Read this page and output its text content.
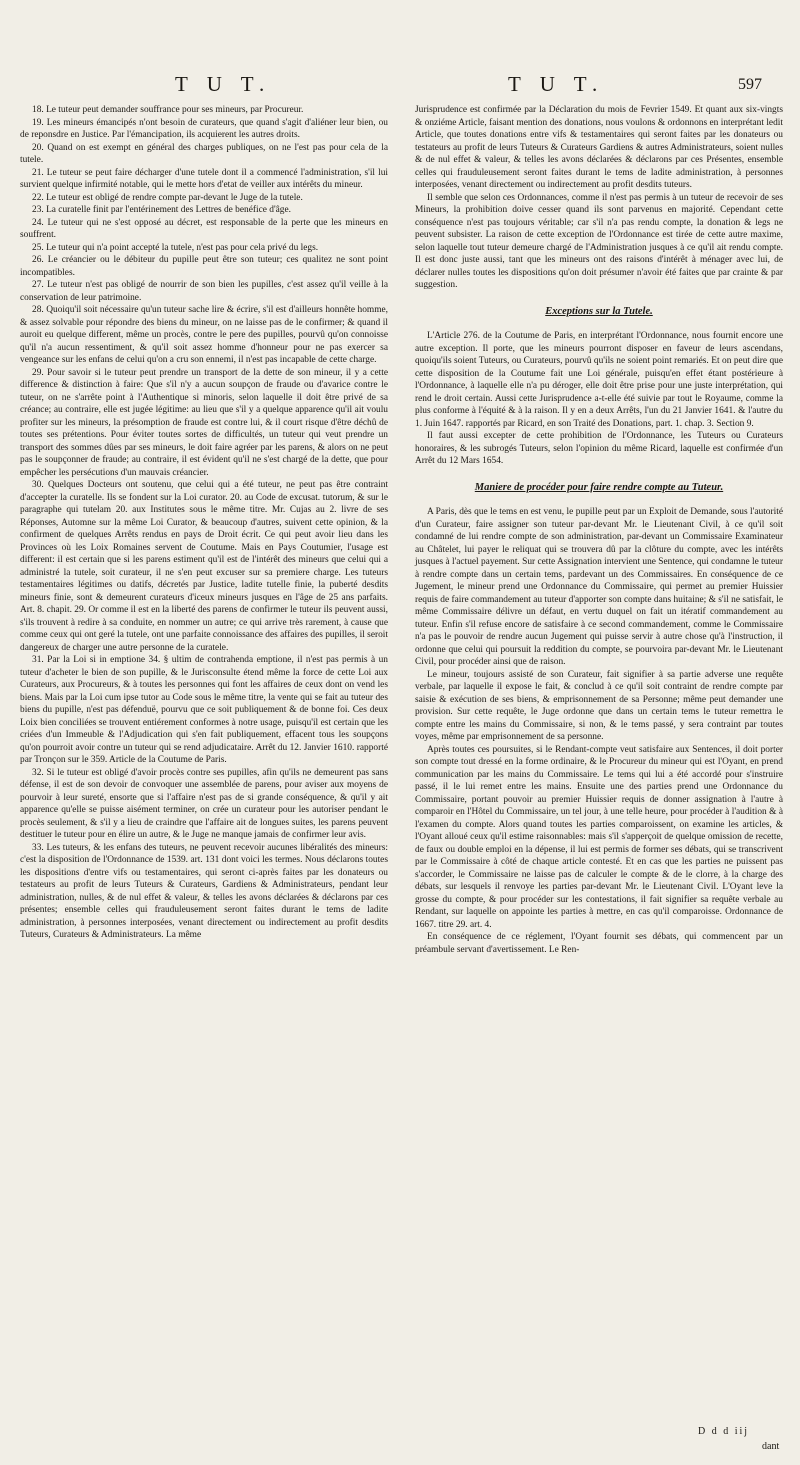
T U T.	T U T.	597

18. Le tuteur peut demander souffrance pour ses mineurs, par Procureur.

19. Les mineurs émancipés n'ont besoin de curateurs, que quand s'agit d'aliéner leur bien, ou de reponsdre en Justice. Par l'émancipation, ils acquierent les autres droits.

20. Quand on est exempt en général des charges publiques, on ne l'est pas pour cela de la tutele.

21. Le tuteur se peut faire décharger d'une tutele dont il a commencé l'administration, s'il lui survient quelque infirmité notable, qui le mette hors d'etat de veiller aux intérêts du mineur.

22. Le tuteur est obligé de rendre compte par-devant le Juge de la tutele.

23. La curatelle finit par l'entérinement des Lettres de benéfice d'âge.

24. Le tuteur qui ne s'est opposé au décret, est responsable de la perte que les mineurs en souffrent.

25. Le tuteur qui n'a point accepté la tutele, n'est pas pour cela privé du legs.

26. Le créancier ou le débiteur du pupille peut être son tuteur; ces qualitez ne sont point incompatibles.

27. Le tuteur n'est pas obligé de nourrir de son bien les pupilles, c'est assez qu'il veille à la conservation de leur patrimoine.

28. Quoiqu'il soit nécessaire qu'un tuteur sache lire & écrire, s'il est d'ailleurs honnête homme, & assez solvable pour répondre des biens du mineur, on ne laisse pas de le confirmer; & quand il auroit eu quelque different, même un procès, contre le pere des pupilles, pourvû qu'on connoisse qu'il n'a aucun ressentiment, & qu'il soit assez homme d'honneur pour ne pas exercer sa vengeance sur les enfans de celui qu'on a cru son ennemi, il n'est pas incapable de cette charge.

29. Pour savoir si le tuteur peut prendre un transport de la dette de son mineur, il y a cette difference & distinction à faire: Que s'il n'y a aucun soupçon de fraude ou d'avarice contre le tuteur, on ne s'arrête point à l'Authentique si minoris, selon laquelle il doit être privé de sa créance; au contraire, elle est jugée légitime: au lieu que s'il y a quelque apparence qu'il ait voulu profiter sur les mineurs, la présomption de fraude est contre lui, & il court risque d'être déchû de toutes ses prétentions. Pour éviter toutes sortes de difficultés, un tuteur qui veut prendre un transport des sommes dûes par ses mineurs, le doit faire agréer par les parens, & alors on ne peut pas le soupçonner de fraude; au contraire, il est évident qu'il ne s'est chargé de la dette, que pour empêcher les persécutions d'un mauvais créancier.

30. Quelques Docteurs ont soutenu, que celui qui a été tuteur, ne peut pas être contraint d'accepter la curatelle. Ils se fondent sur la Loi curator. 20. au Code de excusat. tutorum, & sur le paragraphe qui tutelam 20. aux Institutes sous le même titre. Mr. Cujas au 2. livre de ses Réponses, Automne sur la même Loi Curator, & beaucoup d'autres, suivent cette opinion, & la confirment de quelques Arrêts rendus en pays de Droit écrit. Ce qui peut avoir lieu dans les Provinces où les Loix Romaines servent de Coutume. Mais en Pays Coutumier, l'usage est different: il est certain que si les parens estiment qu'il est de l'intérêt des mineurs que celui qui a administré la tutele, soit curateur, il ne s'en peut excuser sur sa premiere charge. Les tuteurs testamentaires légitimes ou datifs, décretés par Justice, ladite tutelle finie, la puberté desdits mineurs finie, sont & demeurent curateurs d'iceux mineurs jusques en l'âge de 25 ans parfaits. Art. 8. chapit. 29. Or comme il est en la liberté des parens de confirmer le tuteur ils peuvent aussi, s'ils trouvent à redire à sa conduite, en nommer un autre; ce qui arrive très rarement, à cause que comme ceux qui ont geré la tutele, ont une parfaite connoissance des affaires des pupilles, il seroit dangereux de charger une autre personne de la curatele.

31. Par la Loi si in emptione 34. § ultim de contrahenda emptione, il n'est pas permis à un tuteur d'acheter le bien de son pupille, & le Jurisconsulte étend même la force de cette Loi aux Curateurs, aux Procureurs, & à toutes les personnes qui font les affaires de ceux dont on vend les biens. Mais par la Loi cum ipse tutor au Code sous le même titre, la vente qui se fait au tuteur des biens du pupille, n'est pas défenduë, pourvu que ce soit publiquement & de bonne foi. Ces deux Loix bien conciliées se trouvent entiérement conformes à notre usage, puisqu'il est certain que les criées d'un Immeuble & l'Adjudication qui s'en fait publiquement, effacent tous les soupçons qu'on pourroit avoir contre un tuteur qui se rend adjudicataire. Arrêt du 12. Janvier 1610. rapporté par Tronçon sur le 359. Article de la Coutume de Paris.

32. Si le tuteur est obligé d'avoir procès contre ses pupilles, afin qu'ils ne demeurent pas sans défense, il est de son devoir de convoquer une assemblée de parens, pour aviser aux moyens de pourvoir à leur sureté, ensorte que si l'affaire n'est pas de si grande conséquence, & qu'il y ait apparence qu'elle se puisse aisément terminer, on crée un curateur pour les autoriser pendant le procès seulement, & s'il y a lieu de craindre que l'affaire ait de longues suites, les parens peuvent destituer le tuteur pour en élire un autre, & le Juge ne manque jamais de confirmer leur avis.

33. Les tuteurs, & les enfans des tuteurs, ne peuvent recevoir aucunes libéralités des mineurs: c'est la disposition de l'Ordonnance de 1539. art. 131 dont voici les termes. Nous déclarons toutes les dispositions d'entre vifs ou testamentaires, qui seront ci-après faites par les donateurs ou testateurs au profit de leurs Tuteurs & Curateurs, Gardiens & Administrateurs, pendant leur administration, nulles, & de nul effet & valeur, & telles les avons déclarées & déclarons par ces présentes; ensemble celles qui frauduleusement seront faites durant le tems de ladite administration, à personnes interposées, venant directement ou indirectement au profit desdits Tuteurs, Curateurs & Administrateurs. La même

Jurisprudence est confirmée par la Déclaration du mois de Fevrier 1549. Et quant aux six-vingts & onziéme Article, faisant mention des donations, nous voulons & ordonnons en interprétant ledit Article, que toutes donations entre vifs & testamentaires qui seront faites par les donateurs ou testateurs au profit de leurs Tuteurs & Curateurs Gardiens & autres Administrateurs, soient nulles & de nul effet & valeur, & telles les avons déclarées & déclarons par ces Présentes, ensemble celles qui frauduleusement seront faites durant le tems de ladite administration, à personnes interposées, venant directement ou indirectement au profit desdits tuteurs.

Il semble que selon ces Ordonnances, comme il n'est pas permis à un tuteur de recevoir de ses Mineurs, la prohibition doive cesser quand ils sont parvenus en majorité. Cependant cette conséquence n'est pas toujours véritable; car s'il n'a pas rendu compte, la donation & legs ne peuvent subsister. La raison de cette exception de l'Ordonnance est tirée de cette autre maxime, selon laquelle tout tuteur demeure chargé de l'Administration jusques à ce qu'il ait rendu compte. Il est donc juste aussi, tant que les mineurs ont des raisons d'intérêt à ménager avec lui, de déclarer nulles toutes les dispositions qu'on doit présumer n'avoir été faites que par crainte & par suggestion.

Exceptions sur la Tutele.

L'Article 276. de la Coutume de Paris, en interprétant l'Ordonnance, nous fournit encore une autre exception. Il porte, que les mineurs pourront disposer en faveur de leurs ascendans, quoiqu'ils soient Tuteurs, ou Curateurs, pourvû qu'ils ne soient point remariés. Et on peut dire que cette disposition de la Coutume fait une Loi générale, puisqu'en effet étant postérieure à l'Ordonnance, à laquelle elle n'a pu déroger, elle doit être prise pour une juste interprétation, qui rend le droit certain. Aussi cette Jurisprudence a-t-elle été suivie par tout le Royaume, comme la plus conforme à l'équité & à la raison. Il y en a deux Arrêts, l'un du 21 Janvier 1641. & l'autre du 1. Juin 1647. rapportés par Ricard, en son Traité des Donations, part. 1. chap. 3. Section 9.

Il faut aussi excepter de cette prohibition de l'Ordonnance, les Tuteurs ou Curateurs honoraires, & les subrogés Tuteurs, selon l'opinion du même Ricard, laquelle est confirmée d'un Arrêt du 12 Mars 1654.

Maniere de procéder pour faire rendre compte au Tuteur.

A Paris, dès que le tems en est venu, le pupille peut par un Exploit de Demande, sous l'autorité d'un Curateur, faire assigner son tuteur par-devant Mr. le Lieutenant Civil, à ce qu'il soit condamné de lui rendre compte de son administration, par-devant un Commissaire Examinateur au Châtelet, lui payer le reliquat qui se trouvera dû par la clôture du compte, avec les intérêts jusques à l'actuel payement. Sur cette Assignation intervient une Sentence, qui condamne le tuteur à rendre compte dans un certain tems, pardevant un des Commissaires. En conséquence de ce Jugement, le mineur prend une Ordonnance du Commissaire, qui permet au premier Huissier requis de faire commandement au tuteur d'apporter son compte dans huitaine; & s'il ne satisfait, le même Commissaire délivre un défaut, en vertu duquel on fait un itératif commandement au tuteur. Enfin s'il refuse encore de satisfaire à ce second commandement, comme le Commissaire n'a pas le pouvoir de rendre aucun Jugement qui puisse servir à autre chose qu'à l'instruction, il ordonne que celui qui poursuit la reddition du compte, se pourvoira par-devant Mr. le Lieutenant Civil, pour procéder ainsi que de raison.

Le mineur, toujours assisté de son Curateur, fait signifier à sa partie adverse une requête verbale, par laquelle il expose le fait, & conclud à ce qu'il soit contraint de rendre compte par saisie & exécution de ses biens, & emprisonnement de sa Personne; même peut demander une provision. Sur cette requête, le Juge ordonne que dans un certain tems le tuteur remettra le compte entre les mains du Commissaire, si non, & le tems passé, y sera contraint par toutes voyes, même par emprisonnement de sa personne.

Après toutes ces poursuites, si le Rendant-compte veut satisfaire aux Sentences, il doit porter son compte tout dressé en la forme ordinaire, & le Procureur du mineur qui est l'Oyant, en prend communication par les mains du Commissaire. Le tems qui lui a été accordé pour s'instruire passé, il le lui remet entre les mains. Ensuite une des parties prend une Ordonnance du Commissaire, portant pouvoir au premier Huissier requis de donner assignation à l'autre à comparoir en l'Hôtel du Commissaire, un tel jour, à une telle heure, pour procéder à l'audition & à l'examen du compte. Alors quand toutes les parties comparoissent, on examine les articles, & l'Oyant alloué ceux qu'il estime raisonnables: mais s'il s'apperçoit de quelque omission de recette, de faux ou double emploi en la dépense, il lui est permis de former ses débats, qui se transcrivent par le Commissaire à côté de chaque article contesté. Et en cas que les parties ne puissent pas s'accorder, le Commissaire ne laisse pas de calculer le compte & de le clorre, à la charge des débats, sur lesquels il renvoye les parties par-devant Mr. le Lieutenant Civil. L'Oyant leve la grosse du compte, & pour procéder sur les contestations, il fait signifier sa requête verbale au Rendant, sur laquelle on appointe les parties à mettre, en cas qu'il comparoisse. Ordonnance de 1667. titre 29. art. 4.

En conséquence de ce réglement, l'Oyant fournit ses débats, qui commencent par un préambule servant d'avertissement. Le Ren-

D d d iij
dant
